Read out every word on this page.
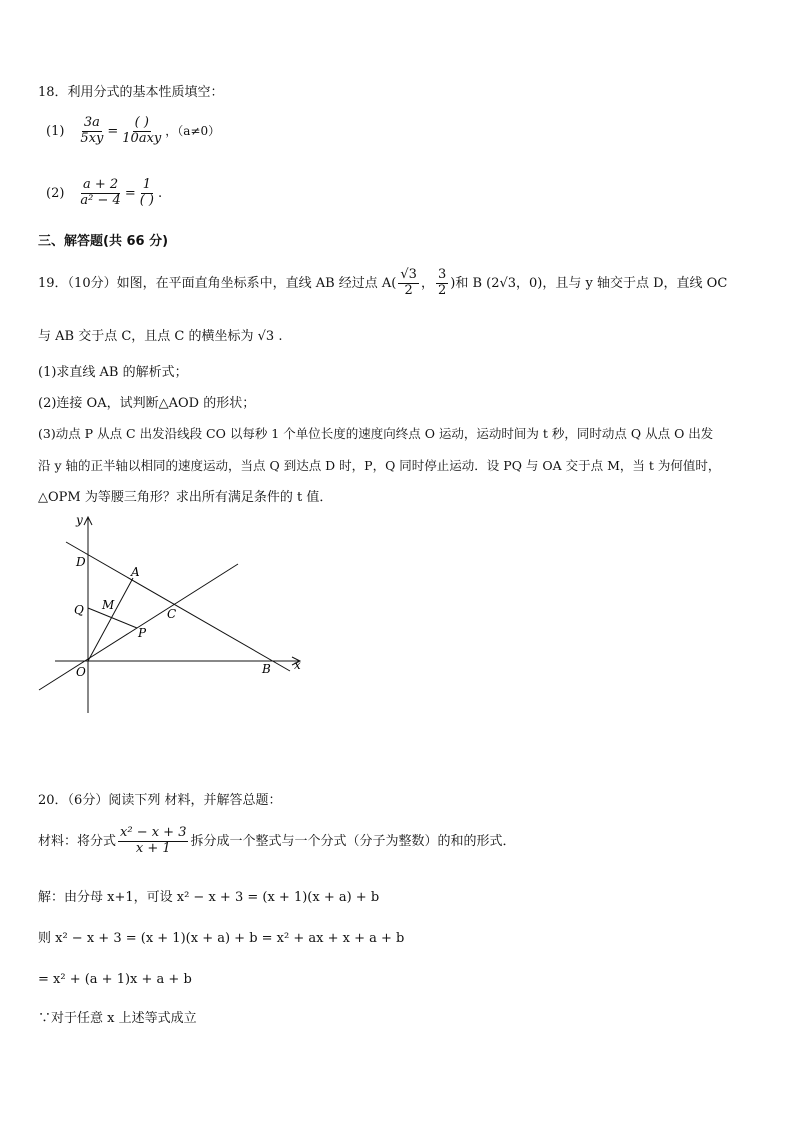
18．利用分式的基本性质填空：
$(1) \frac{3a}{5xy} = \frac{( )}{\text{10axy}}$ ，（a≠0）
$(2) \frac{a + 2}{\text{a² − 4}} = \frac{1}{( )}$ .
三、解答题(共 66 分)
19．（10分）如图，在平面直角坐标系中，直线 AB 经过点 $A( \frac{√3}{2}$ ， $\frac{3}{2}$ )和 B (2√3，0)，且与 y 轴交于点 D，直线 OC
与 AB 交于点 C，且点 C 的横坐标为 √3 .
(1)求直线 AB 的解析式；
(2)连接 OA，试判断△AOD 的形状；
(3)动点 P 从点 C 出发沿线段 CO 以每秒 1 个单位长度的速度向终点 O 运动，运动时间为 t 秒，同时动点 Q 从点 O 出发
沿 y 轴的正半轴以相同的速度运动，当点 Q 到达点 D 时，P，Q 同时停止运动．设 PQ 与 OA 交于点 M，当 t 为何值时，
△OPM 为等腰三角形？求出所有满足条件的 t 值．
y
x
D
A
Q M
C
P
O	B
20．（6分）阅读下列 材料，并解答总题：
材料：将分式 $\frac{\text{x² − x + 3}}{x + 1}$ 拆分成一个整式与一个分式（分子为整数）的和的形式．
解：由分母 x+1，可设 x² − x + 3 = (x + 1)(x + a) + b
则 x² − x + 3 = (x + 1)(x + a) + b = x² + ax + x + a + b
= x² + (a + 1)x + a + b
∵对于任意 x 上述等式成立
